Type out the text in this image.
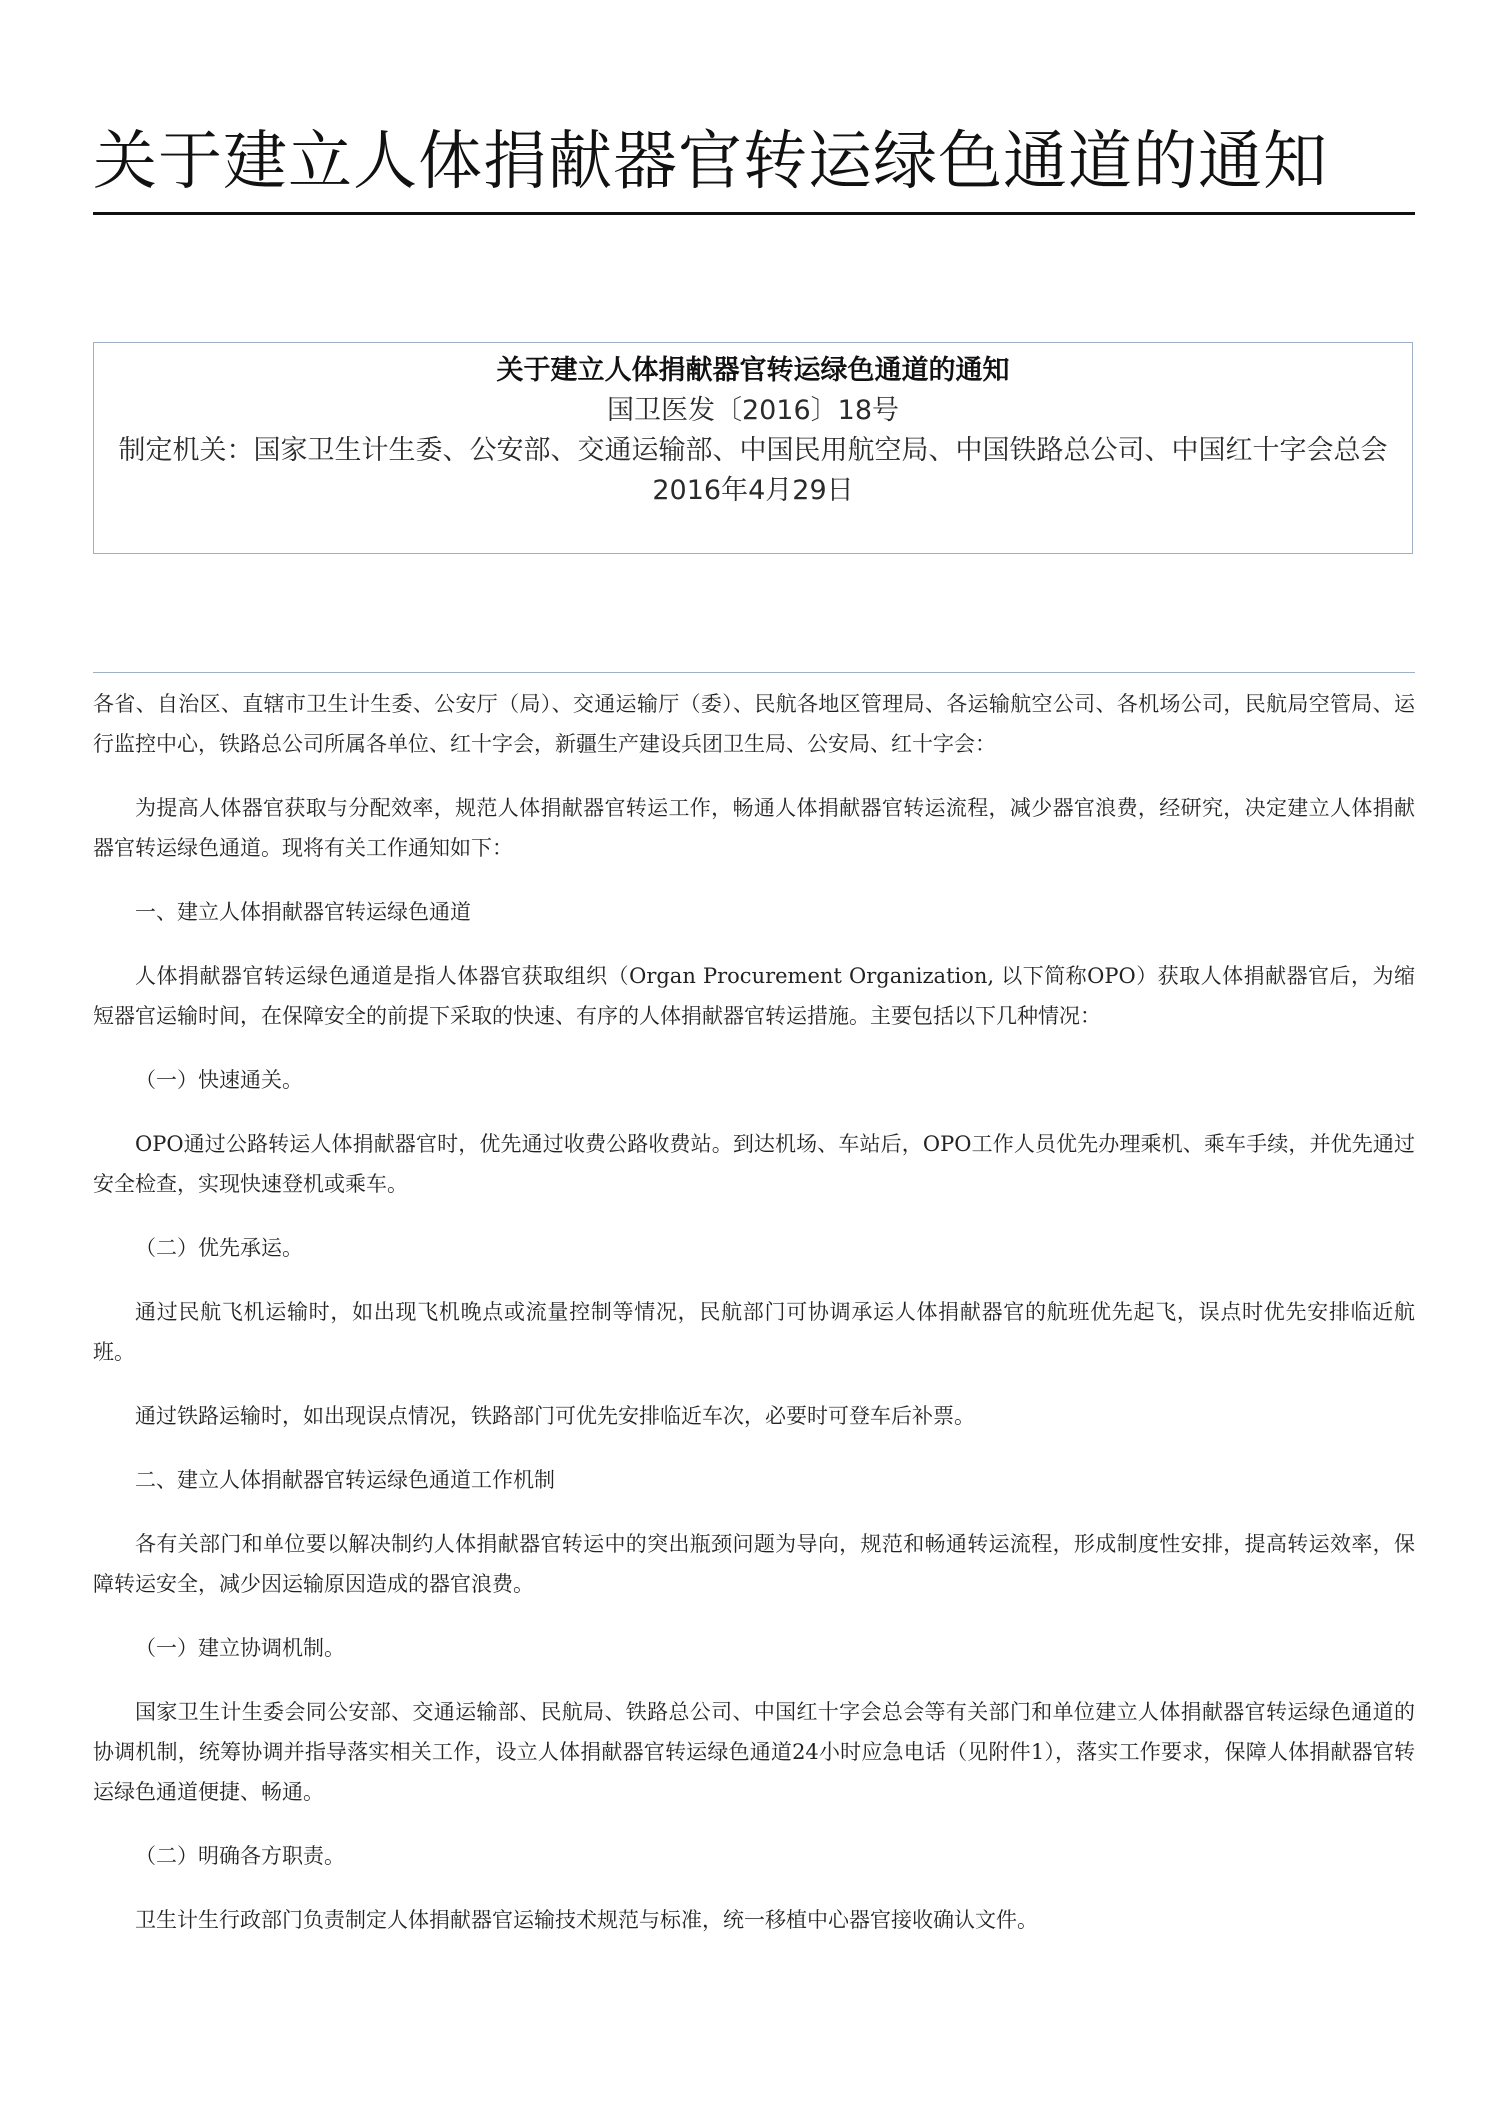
关于建立人体捐献器官转运绿色通道的通知
关于建立人体捐献器官转运绿色通道的通知
国卫医发〔2016〕18号
制定机关：国家卫生计生委、公安部、交通运输部、中国民用航空局、中国铁路总公司、中国红十字会总会
2016年4月29日

各省、自治区、直辖市卫生计生委、公安厅（局）、交通运输厅（委）、民航各地区管理局、各运输航空公司、各机场公司，民航局空管局、运行监控中心，铁路总公司所属各单位、红十字会，新疆生产建设兵团卫生局、公安局、红十字会：

为提高人体器官获取与分配效率，规范人体捐献器官转运工作，畅通人体捐献器官转运流程，减少器官浪费，经研究，决定建立人体捐献器官转运绿色通道。现将有关工作通知如下：

一、建立人体捐献器官转运绿色通道

人体捐献器官转运绿色通道是指人体器官获取组织（Organ Procurement Organization, 以下简称OPO）获取人体捐献器官后，为缩短器官运输时间，在保障安全的前提下采取的快速、有序的人体捐献器官转运措施。主要包括以下几种情况：

（一）快速通关。

OPO通过公路转运人体捐献器官时，优先通过收费公路收费站。到达机场、车站后，OPO工作人员优先办理乘机、乘车手续，并优先通过安全检查，实现快速登机或乘车。

（二）优先承运。

通过民航飞机运输时，如出现飞机晚点或流量控制等情况，民航部门可协调承运人体捐献器官的航班优先起飞，误点时优先安排临近航班。

通过铁路运输时，如出现误点情况，铁路部门可优先安排临近车次，必要时可登车后补票。

二、建立人体捐献器官转运绿色通道工作机制

各有关部门和单位要以解决制约人体捐献器官转运中的突出瓶颈问题为导向，规范和畅通转运流程，形成制度性安排，提高转运效率，保障转运安全，减少因运输原因造成的器官浪费。

（一）建立协调机制。

国家卫生计生委会同公安部、交通运输部、民航局、铁路总公司、中国红十字会总会等有关部门和单位建立人体捐献器官转运绿色通道的协调机制，统筹协调并指导落实相关工作，设立人体捐献器官转运绿色通道24小时应急电话（见附件1），落实工作要求，保障人体捐献器官转运绿色通道便捷、畅通。

（二）明确各方职责。

卫生计生行政部门负责制定人体捐献器官运输技术规范与标准，统一移植中心器官接收确认文件。
